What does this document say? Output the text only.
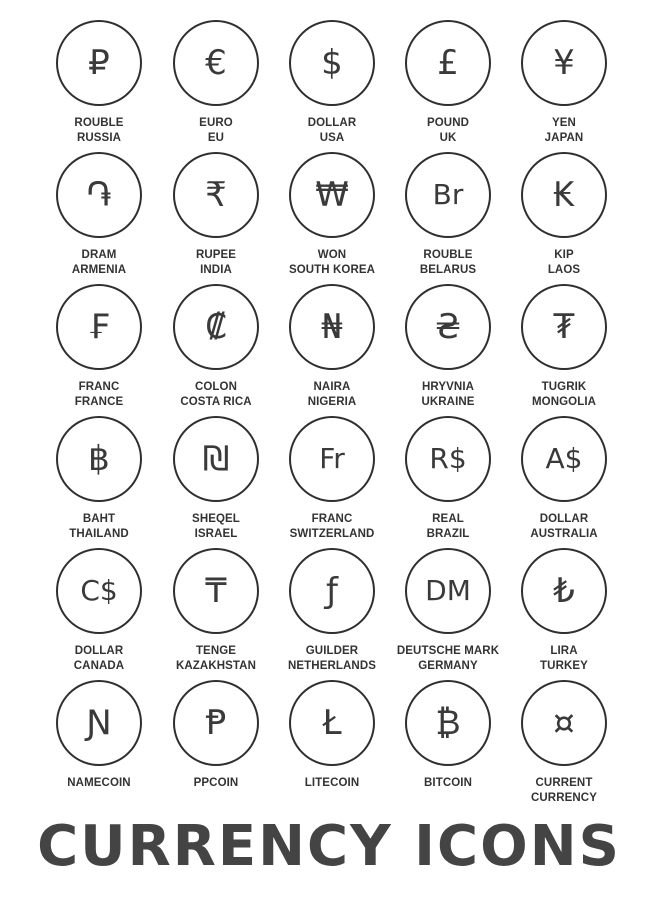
₽
ROUBLE
RUSSIA
€
EURO
EU
$
DOLLAR
USA
£
POUND
UK
¥
YEN
JAPAN
֏
DRAM
ARMENIA
₹
RUPEE
INDIA
₩
WON
SOUTH KOREA
Br
ROUBLE
BELARUS
₭
KIP
LAOS
₣
FRANC
FRANCE
₡
COLON
COSTA RICA
₦
NAIRA
NIGERIA
₴
HRYVNIA
UKRAINE
₮
TUGRIK
MONGOLIA
฿
BAHT
THAILAND
₪
SHEQEL
ISRAEL
Fr
FRANC
SWITZERLAND
R$
REAL
BRAZIL
A$
DOLLAR
AUSTRALIA
C$
DOLLAR
CANADA
₸
TENGE
KAZAKHSTAN
ƒ
GUILDER
NETHERLANDS
DM
DEUTSCHE MARK
GERMANY
₺
LIRA
TURKEY
Ɲ
NAMECOIN
Ᵽ
PPCOIN
Ł
LITECOIN
₿
BITCOIN
¤
CURRENT
CURRENCY
CURRENCY ICONS
